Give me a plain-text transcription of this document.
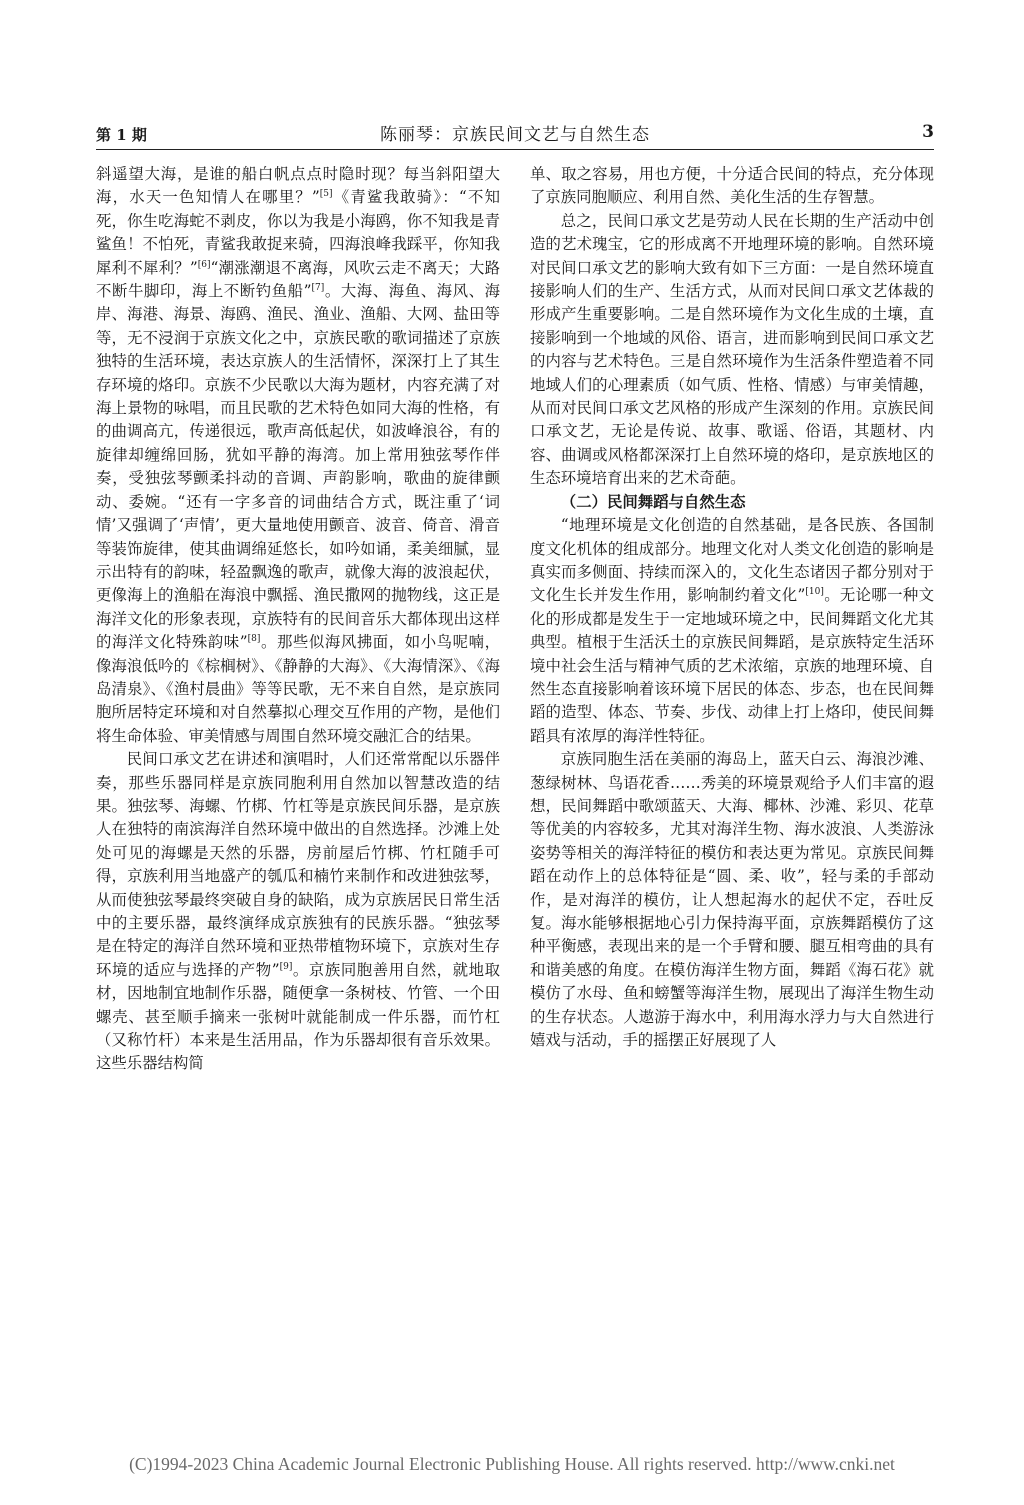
第 1 期	陈丽琴：京族民间文艺与自然生态	3

斜遥望大海，是谁的船白帆点点时隐时现？每当斜阳望大海，水天一色知情人在哪里？”[5]《青鲨我敢骑》：“不知死，你生吃海蛇不剥皮，你以为我是小海鸥，你不知我是青鲨鱼！不怕死，青鲨我敢捉来骑，四海浪峰我踩平，你知我犀利不犀利？”[6]“潮涨潮退不离海，风吹云走不离天；大路不断牛脚印，海上不断钓鱼船”[7]。大海、海鱼、海风、海岸、海港、海景、海鸥、渔民、渔业、渔船、大网、盐田等等，无不浸润于京族文化之中，京族民歌的歌词描述了京族独特的生活环境，表达京族人的生活情怀，深深打上了其生存环境的烙印。京族不少民歌以大海为题材，内容充满了对海上景物的咏唱，而且民歌的艺术特色如同大海的性格，有的曲调高亢，传递很远，歌声高低起伏，如波峰浪谷，有的旋律却缠绵回肠，犹如平静的海湾。加上常用独弦琴作伴奏，受独弦琴颤柔抖动的音调、声韵影响，歌曲的旋律颤动、委婉。“还有一字多音的词曲结合方式，既注重了‘词情’又强调了‘声情’，更大量地使用颤音、波音、倚音、滑音等装饰旋律，使其曲调绵延悠长，如吟如诵，柔美细腻，显示出特有的韵味，轻盈飘逸的歌声，就像大海的波浪起伏，更像海上的渔船在海浪中飘摇、渔民撒网的抛物线，这正是海洋文化的形象表现，京族特有的民间音乐大都体现出这样的海洋文化特殊韵味”[8]。那些似海风拂面，如小鸟呢喃，像海浪低吟的《棕榈树》、《静静的大海》、《大海情深》、《海岛清泉》、《渔村晨曲》等等民歌，无不来自自然，是京族同胞所居特定环境和对自然摹拟心理交互作用的产物，是他们将生命体验、审美情感与周围自然环境交融汇合的结果。

民间口承文艺在讲述和演唱时，人们还常常配以乐器伴奏，那些乐器同样是京族同胞利用自然加以智慧改造的结果。独弦琴、海螺、竹梆、竹杠等是京族民间乐器，是京族人在独特的南滨海洋自然环境中做出的自然选择。沙滩上处处可见的海螺是天然的乐器，房前屋后竹梆、竹杠随手可得，京族利用当地盛产的瓠瓜和楠竹来制作和改进独弦琴，从而使独弦琴最终突破自身的缺陷，成为京族居民日常生活中的主要乐器，最终演绎成京族独有的民族乐器。“独弦琴是在特定的海洋自然环境和亚热带植物环境下，京族对生存环境的适应与选择的产物”[9]。京族同胞善用自然，就地取材，因地制宜地制作乐器，随便拿一条树枝、竹管、一个田螺壳、甚至顺手摘来一张树叶就能制成一件乐器，而竹杠（又称竹杆）本来是生活用品，作为乐器却很有音乐效果。这些乐器结构简

单、取之容易，用也方便，十分适合民间的特点，充分体现了京族同胞顺应、利用自然、美化生活的生存智慧。

总之，民间口承文艺是劳动人民在长期的生产活动中创造的艺术瑰宝，它的形成离不开地理环境的影响。自然环境对民间口承文艺的影响大致有如下三方面：一是自然环境直接影响人们的生产、生活方式，从而对民间口承文艺体裁的形成产生重要影响。二是自然环境作为文化生成的土壤，直接影响到一个地域的风俗、语言，进而影响到民间口承文艺的内容与艺术特色。三是自然环境作为生活条件塑造着不同地域人们的心理素质（如气质、性格、情感）与审美情趣，从而对民间口承文艺风格的形成产生深刻的作用。京族民间口承文艺，无论是传说、故事、歌谣、俗语，其题材、内容、曲调或风格都深深打上自然环境的烙印，是京族地区的生态环境培育出来的艺术奇葩。

（二）民间舞蹈与自然生态

“地理环境是文化创造的自然基础，是各民族、各国制度文化机体的组成部分。地理文化对人类文化创造的影响是真实而多侧面、持续而深入的，文化生态诸因子都分别对于文化生长并发生作用，影响制约着文化”[10]。无论哪一种文化的形成都是发生于一定地域环境之中，民间舞蹈文化尤其典型。植根于生活沃土的京族民间舞蹈，是京族特定生活环境中社会生活与精神气质的艺术浓缩，京族的地理环境、自然生态直接影响着该环境下居民的体态、步态，也在民间舞蹈的造型、体态、节奏、步伐、动律上打上烙印，使民间舞蹈具有浓厚的海洋性特征。

京族同胞生活在美丽的海岛上，蓝天白云、海浪沙滩、葱绿树林、鸟语花香……秀美的环境景观给予人们丰富的遐想，民间舞蹈中歌颂蓝天、大海、椰林、沙滩、彩贝、花草等优美的内容较多，尤其对海洋生物、海水波浪、人类游泳姿势等相关的海洋特征的模仿和表达更为常见。京族民间舞蹈在动作上的总体特征是“圆、柔、收”，轻与柔的手部动作，是对海洋的模仿，让人想起海水的起伏不定，吞吐反复。海水能够根据地心引力保持海平面，京族舞蹈模仿了这种平衡感，表现出来的是一个手臂和腰、腿互相弯曲的具有和谐美感的角度。在模仿海洋生物方面，舞蹈《海石花》就模仿了水母、鱼和螃蟹等海洋生物，展现出了海洋生物生动的生存状态。人遨游于海水中，利用海水浮力与大自然进行嬉戏与活动，手的摇摆正好展现了人

(C)1994-2023 China Academic Journal Electronic Publishing House. All rights reserved. http://www.cnki.net
